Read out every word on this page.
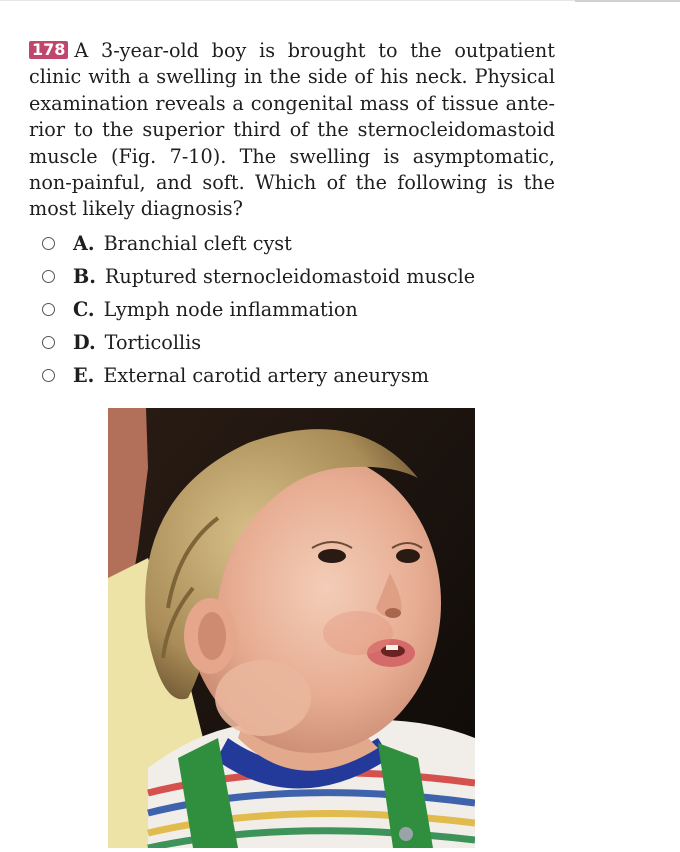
178 A 3-year-old boy is brought to the outpatient clinic with a swelling in the side of his neck. Physical examination reveals a congenital mass of tissue ante-rior to the superior third of the sternocleidomastoid muscle (Fig. 7-10). The swelling is asymptomatic, non-painful, and soft. Which of the following is the most likely diagnosis?
A. Branchial cleft cyst
B. Ruptured sternocleidomastoid muscle
C. Lymph node inflammation
D. Torticollis
E. External carotid artery aneurysm
